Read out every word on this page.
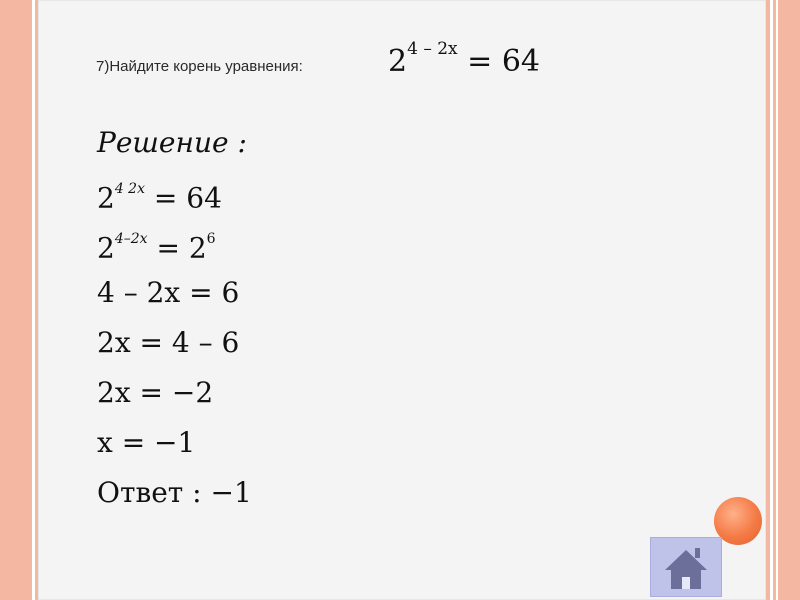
7)Найдите корень уравнения:	$2^{4 - 2x} = 64$
Решение :
$2^{4 2x} = 64$
$2^{4-2x} = 2^6$
4 – 2x = 6
2x = 4 – 6
2x = −2
x = −1
Ответ : −1
